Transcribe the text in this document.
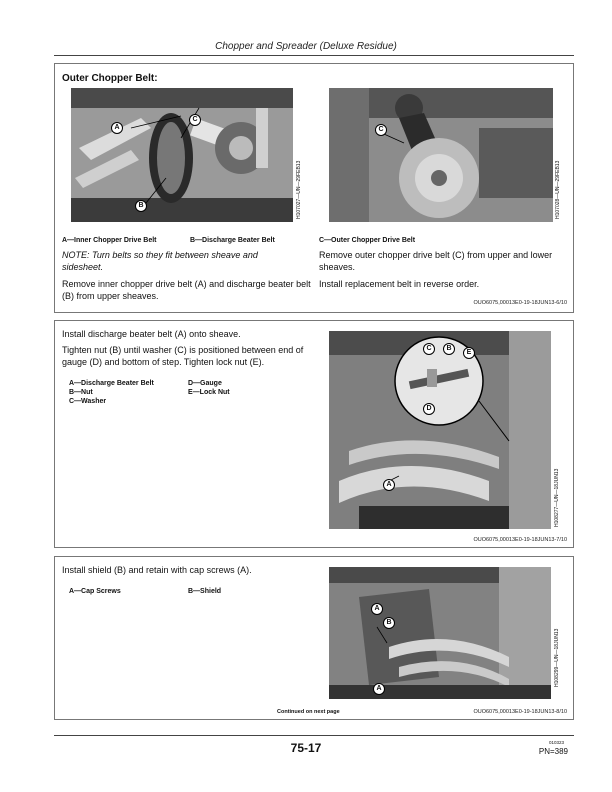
Chopper and Spreader (Deluxe Residue)
Outer Chopper Belt:
A
C
B	H107027—UN—29FEB13
C
H107028—UN—29FEB13
A—Inner Chopper Drive Belt	B—Discharge Beater Belt	C—Outer Chopper Drive Belt
NOTE: Turn belts so they fit between sheave and sidesheet.
Remove inner chopper drive belt (A) and discharge beater belt (B) from upper sheaves.
Remove outer chopper drive belt (C) from upper and lower sheaves.
Install replacement belt in reverse order.
OUO6075,00013E0-19-18JUN13-6/10
Install discharge beater belt (A) onto sheave.
Tighten nut (B) until washer (C) is positioned between end of gauge (D) and bottom of step. Tighten lock nut (E).
A—Discharge Beater Belt
B—Nut
C—Washer
D—Gauge
E—Lock Nut
C	B
E
D
A	H108277—UN—18JUN13
OUO6075,00013E0-19-18JUN13-7/10
Install shield (B) and retain with cap screws (A).
A—Cap Screws	B—Shield
A
B
A
H108299—UN—18JUN13
Continued on next page	OUO6075,00013E0-19-18JUN13-8/10
75-17	010323
PN=389
